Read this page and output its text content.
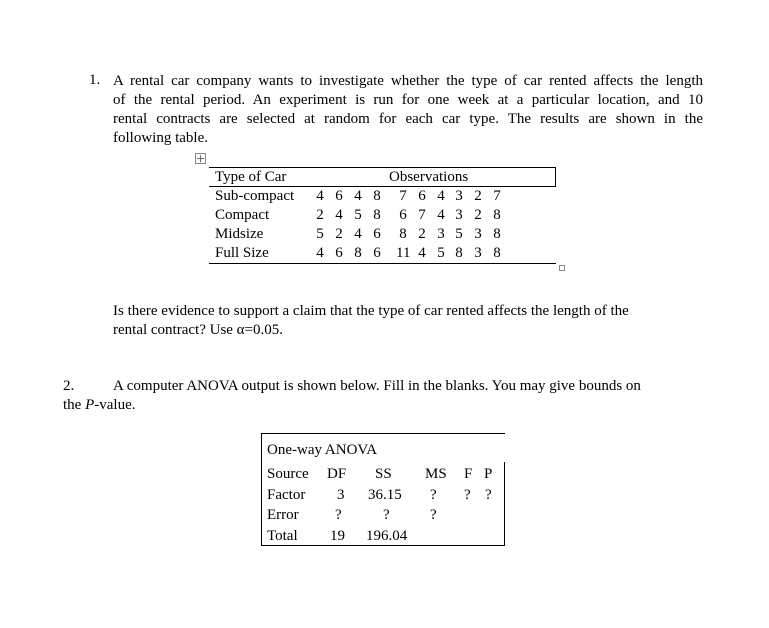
1. A rental car company wants to investigate whether the type of car rented affects the length
of the rental period. An experiment is run for one week at a particular location, and 10
rental contracts are selected at random for each car type. The results are shown in the
following table.
+
Type of Car	Observations
Sub-compact 4 6 4 8 7 6 4 3 2 7
Compact	2 4 5 8 6 7 4 3 2 8
Midsize	5 2 4 6 8 2 3 5 3 8
Full Size	4 6 8 6 11 4 5 8 3 8
Is there evidence to support a claim that the type of car rented affects the length of the
rental contract? Use α=0.05.
2.	A computer ANOVA output is shown below. Fill in the blanks. You may give bounds on
the P-value.
One-way ANOVA
Source DF SS MS F P
Factor 3 36.15 ? ? ?
Error ?	?	?
Total 19 196.04
